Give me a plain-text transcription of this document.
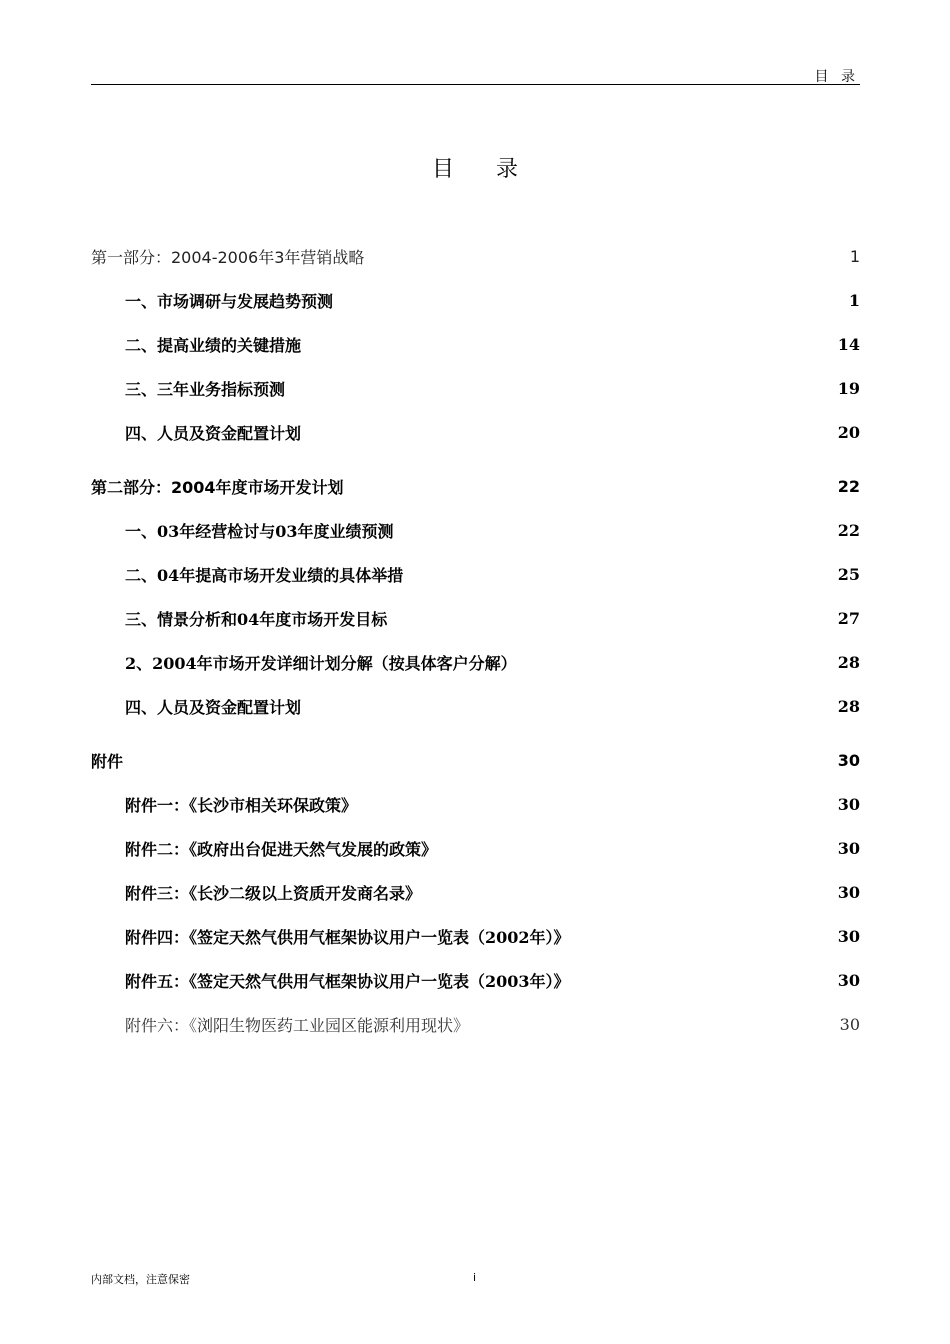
目 录
目录
第一部分：2004-2006年3年营销战略	1
一、市场调研与发展趋势预测	1
二、提高业绩的关键措施	14
三、三年业务指标预测	19
四、人员及资金配置计划	20
第二部分：2004年度市场开发计划	22
一、03年经营检讨与03年度业绩预测	22
二、04年提高市场开发业绩的具体举措	25
三、情景分析和04年度市场开发目标	27
2、2004年市场开发详细计划分解（按具体客户分解）	28
四、人员及资金配置计划	28
附件	30
附件一：《长沙市相关环保政策》	30
附件二：《政府出台促进天然气发展的政策》	30
附件三：《长沙二级以上资质开发商名录》	30
附件四：《签定天然气供用气框架协议用户一览表（2002年）》	30
附件五：《签定天然气供用气框架协议用户一览表（2003年）》	30
附件六：《浏阳生物医药工业园区能源利用现状》	30
内部文档，注意保密	i
